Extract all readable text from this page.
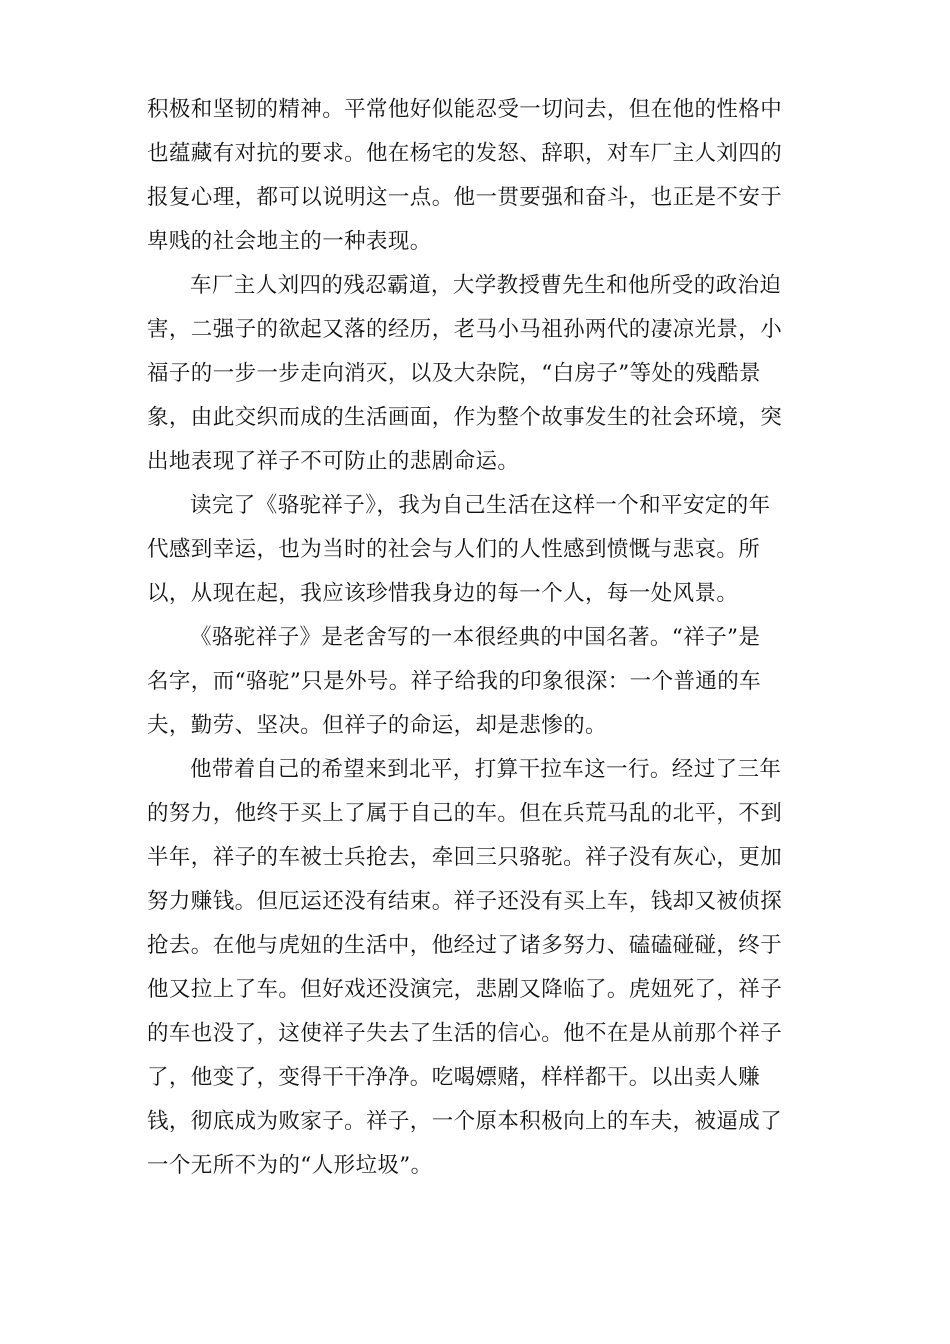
积极和坚韧的精神。平常他好似能忍受一切问去，但在他的性格中
也蕴藏有对抗的要求。他在杨宅的发怒、辞职，对车厂主人刘四的
报复心理，都可以说明这一点。他一贯要强和奋斗，也正是不安于
卑贱的社会地主的一种表现。
车厂主人刘四的残忍霸道，大学教授曹先生和他所受的政治迫
害，二强子的欲起又落的经历，老马小马祖孙两代的凄凉光景，小
福子的一步一步走向消灭，以及大杂院，“白房子”等处的残酷景
象，由此交织而成的生活画面，作为整个故事发生的社会环境，突
出地表现了祥子不可防止的悲剧命运。
读完了《骆驼祥子》，我为自己生活在这样一个和平安定的年
代感到幸运，也为当时的社会与人们的人性感到愤慨与悲哀。所
以，从现在起，我应该珍惜我身边的每一个人，每一处风景。
《骆驼祥子》是老舍写的一本很经典的中国名著。“祥子”是
名字，而“骆驼”只是外号。祥子给我的印象很深：一个普通的车
夫，勤劳、坚决。但祥子的命运，却是悲惨的。
他带着自己的希望来到北平，打算干拉车这一行。经过了三年
的努力，他终于买上了属于自己的车。但在兵荒马乱的北平，不到
半年，祥子的车被士兵抢去，牵回三只骆驼。祥子没有灰心，更加
努力赚钱。但厄运还没有结束。祥子还没有买上车，钱却又被侦探
抢去。在他与虎妞的生活中，他经过了诸多努力、磕磕碰碰，终于
他又拉上了车。但好戏还没演完，悲剧又降临了。虎妞死了，祥子
的车也没了，这使祥子失去了生活的信心。他不在是从前那个祥子
了，他变了，变得干干净净。吃喝嫖赌，样样都干。以出卖人赚
钱，彻底成为败家子。祥子，一个原本积极向上的车夫，被逼成了
一个无所不为的“人形垃圾”。
